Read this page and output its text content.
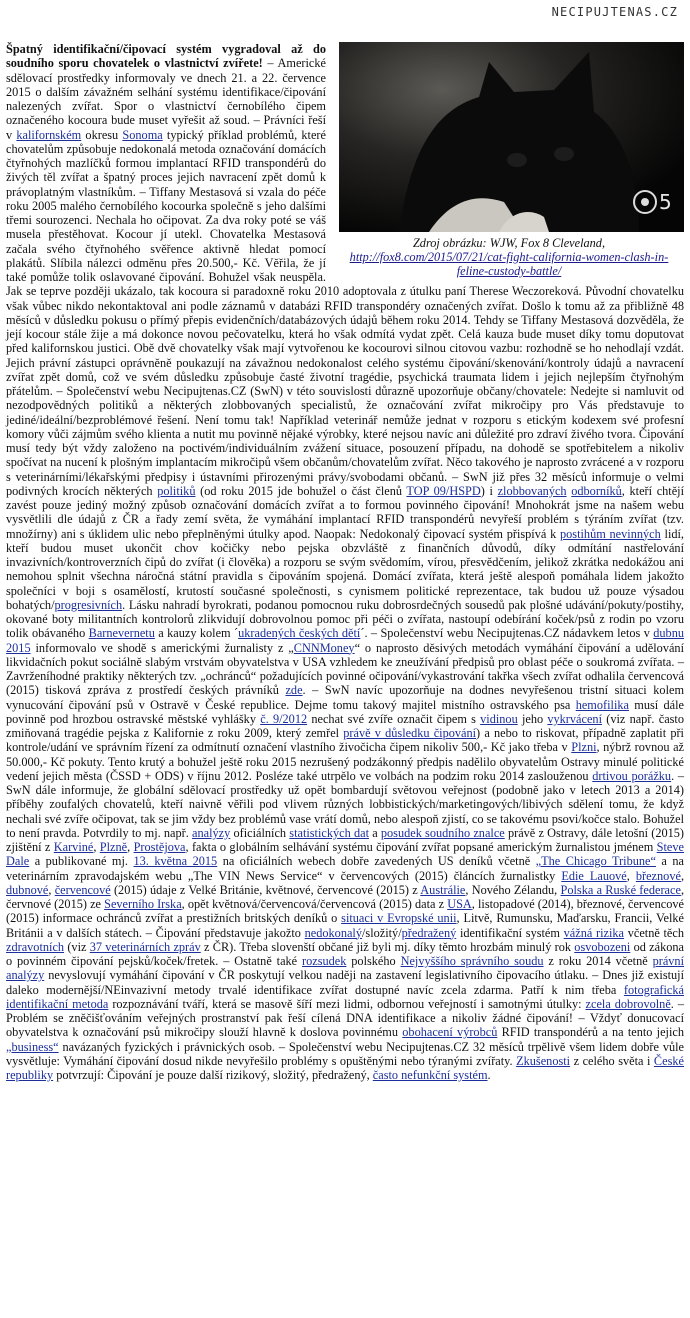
NECIPUJTENAS.CZ
5
Zdroj obrázku: WJW, Fox 8 Cleveland,
http://fox8.com/2015/07/21/cat-fight-california-women-clash-in-feline-custody-battle/

Špatný identifikační/čipovací systém vygradoval až do soudního sporu chovatelek o vlastnictví zvířete! – Americké sdělovací prostředky informovaly ve dnech 21. a 22. července 2015 o dalším závažném selhání systému identifikace/čipování nalezených zvířat. Spor o vlastnictví černobílého čipem označeného kocoura bude muset vyřešit až soud. – Právníci řeší v kalifornském okresu Sonoma typický příklad problémů, které chovatelům způsobuje nedokonalá metoda označování domácích čtyřnohých mazlíčků formou implantací RFID transpondérů do živých těl zvířat a špatný proces jejich navracení zpět domů k právoplatným vlastníkům. – Tiffany Mestasová si vzala do péče roku 2005 malého černobílého kocourka společně s jeho dalšími třemi sourozenci. Nechala ho očipovat. Za dva roky poté se váš musela přestěhovat. Kocour jí utekl. Chovatelka Mestasová začala svého čtyřnohého svěřence aktivně hledat pomocí plakátů. Slíbila nálezci odměnu přes 20.500,- Kč. Věřila, že jí také pomůže tolik oslavované čipování. Bohužel však neuspěla. Jak se teprve později ukázalo, tak kocoura si paradoxně roku 2010 adoptovala z útulku paní Therese Weczoreková. Původní chovatelku však vůbec nikdo nekontaktoval ani podle záznamů v databázi RFID transpondéry označených zvířat. Došlo k tomu až za přibližně 48 měsíců v důsledku pokusu o přímý přepis evidenčních/databázových údajů během roku 2014. Tehdy se Tiffany Mestasová dozvěděla, že její kocour stále žije a má dokonce novou pečovatelku, která ho však odmítá vydat zpět. Celá kauza bude muset díky tomu doputovat před kalifornskou justici. Obě dvě chovatelky však mají vytvořenou ke kocourovi silnou citovou vazbu: rozhodně se ho nehodlají vzdát. Jejich právní zástupci oprávněně poukazují na závažnou nedokonalost celého systému čipování/skenování/kontroly údajů a navracení zvířat zpět domů, což ve svém důsledku způsobuje časté životní tragédie, psychická traumata lidem i jejich nejlepším čtyřnohým přátelům. – Společenství webu Necipujtenas.CZ (SwN) v této souvislosti důrazně upozorňuje občany/chovatele: Nedejte si namluvit od nezodpovědných politiků a některých zlobbovaných specialistů, že označování zvířat mikročipy pro Vás představuje to jediné/ideální/bezproblémové řešení. Není tomu tak! Například veterinář nemůže jednat v rozporu s etickým kodexem své profesní komory vůči zájmům svého klienta a nutit mu povinně nějaké výrobky, které nejsou navíc ani důležité pro zdraví živého tvora. Čipování musí tedy být vždy založeno na poctivém/individuálním zvážení situace, posouzení případu, na dohodě se spotřebitelem a nikoliv spočívat na nucení k plošným implantacím mikročipů všem občanům/chovatelům zvířat. Něco takového je naprosto zvrácené a v rozporu s veterinárními/lékařskými předpisy i ústavními přirozenými právy/svobodami občanů. – SwN již přes 32 měsíců informuje o velmi podivných krocích některých politiků (od roku 2015 jde bohužel o část členů TOP 09/HSPD) i zlobbovaných odborníků, kteří chtějí zavést pouze jediný možný způsob označování domácích zvířat a to formou povinného čipování! Mnohokrát jsme na našem webu vysvětlili dle údajů z ČR a řady zemí světa, že vymáhání implantací RFID transpondérů nevyřeší problém s týráním zvířat (tzv. množírny) ani s úklidem ulic nebo přeplněnými útulky apod. Naopak: Nedokonalý čipovací systém přispívá k postihům nevinných lidí, kteří budou muset ukončit chov kočičky nebo pejska obzvláště z finančních důvodů, díky odmítání nastřelování invazivních/kontroverzních čipů do zvířat (i člověka) a rozporu se svým svědomím, vírou, přesvědčením, jelikož zkrátka nedokážou ani nemohou splnit všechna náročná státní pravidla s čipováním spojená. Domácí zvířata, která ještě alespoň pomáhala lidem jakožto společníci v boji s osamělostí, krutostí současné společnosti, s cynismem politické reprezentace, tak budou už pouze výsadou bohatých/progresivních. Lásku nahradí byrokrati, podanou pomocnou ruku dobrosrdečných sousedů pak plošné udávání/pokuty/postihy, okované boty militantních kontrolorů zlikvidují dobrovolnou pomoc při péči o zvířata, nastoupí odebírání koček/psů z rodin po vzoru tolik obávaného Barnevernetu a kauzy kolem ´ukradených českých dětí´. – Společenství webu Necipujtenas.CZ nádavkem letos v dubnu 2015 informovalo ve shodě s americkými žurnalisty z „CNNMoney“ o naprosto děsivých metodách vymáhání čipování a udělování likvidačních pokut sociálně slabým vrstvám obyvatelstva v USA vzhledem ke zneužívání předpisů pro oblast péče o soukromá zvířata. – Zavrženíhodné praktiky některých tzv. „ochránců“ požadujících povinné očipování/vykastrování takřka všech zvířat odhalila červencová (2015) tisková zpráva z prostředí českých právníků zde. – SwN navíc upozorňuje na dodnes nevyřešenou tristní situaci kolem vynucování čipování psů v Ostravě v České republice. Dejme tomu takový majitel mistního ostravského psa hemofilika musí dále povinně pod hrozbou ostravské městské vyhlášky č. 9/2012 nechat své zvíře označit čipem s vidinou jeho vykrvácení (viz např. často zmiňovaná tragédie pejska z Kalifornie z roku 2009, který zemřel právě v důsledku čipování) a nebo to riskovat, případně zaplatit při kontrole/udání ve správním řízení za odmítnutí označení vlastního živočicha čipem nikoliv 500,- Kč jako třeba v Plzni, nýbrž rovnou až 50.000,- Kč pokuty. Tento krutý a bohužel ještě roku 2015 nezrušený podzákonný předpis nadělilo obyvatelům Ostravy minulé politické vedení jejich města (ČSSD + ODS) v říjnu 2012. Posléze také utrpělo ve volbách na podzim roku 2014 zaslouženou drtivou porážku. – SwN dále informuje, že globální sdělovací prostředky už opět bombardují světovou veřejnost (podobně jako v letech 2013 a 2014) příběhy zoufalých chovatelů, kteří naivně věřili pod vlivem různých lobbistických/marketingových/libivých sdělení tomu, že když nechali své zvíře očipovat, tak se jim vždy bez problémů vase vrátí domů, nebo alespoň zjistí, co se takovému psovi/kočce stalo. Bohužel to není pravda. Potvrdily to mj. např. analýzy oficiálních statistických dat a posudek soudního znalce právě z Ostravy, dále letošní (2015) zjištění z Karviné, Plzně, Prostějova, fakta o globálním selhávání systému čipování zvířat popsané americkým žurnalistou jménem Steve Dale a publikované mj. 13. května 2015 na oficiálních webech dobře zavedených US deníků včetně „The Chicago Tribune“ a na veterinárním zpravodajském webu „The VIN News Service“ v červencových (2015) článcích žurnalistky Edie Lauové, březnové, dubnové, červencové (2015) údaje z Velké Británie, květnové, červencové (2015) z Austrálie, Nového Zélandu, Polska a Ruské federace, červnové (2015) ze Severního Irska, opět květnová/červencová/červencová (2015) data z USA, listopadové (2014), březnové, červencové (2015) informace ochránců zvířat a prestižních britských deníků o situaci v Evropské unii, Litvě, Rumunsku, Maďarsku, Francii, Velké Británii a v dalších státech. – Čipování představuje jakožto nedokonalý/složitý/předražený identifikační systém vážná rizika včetně těch zdravotních (viz 37 veterinárních zpráv z ČR). Třeba slovenští občané již byli mj. díky těmto hrozbám minulý rok osvobozeni od zákona o povinném čipování pejsků/koček/fretek. – Ostatně také rozsudek polského Nejvyššího správního soudu z roku 2014 včetně právní analýzy nevyslovují vymáhání čipování v ČR poskytují velkou naději na zastavení legislativního čipovacího útlaku. – Dnes již existují daleko modernější/NEinvazivní metody trvalé identifikace zvířat dostupné navíc zcela zdarma. Patří k nim třeba fotografická identifikační metoda rozpoznávání tváří, která se masově šíří mezi lidmi, odbornou veřejností i samotnými útulky: zcela dobrovolně. – Problém se zněčišťováním veřejných prostranství pak řeší cílená DNA identifikace a nikoliv žádné čipování! – Vždyť donucovací obyvatelstva k označování psů mikročipy slouží hlavně k doslova povinnému obohacení výrobců RFID transpondérů a na tento jejich „business“ navázaných fyzických i právnických osob. – Společenství webu Necipujtenas.CZ 32 měsíců trpělivě všem lidem dobře vůle vysvětluje: Vymáhání čipování dosud nikde nevyřešilo problémy s opuštěnými nebo týranými zvířaty. Zkušenosti z celého světa i České republiky potvrzují: Čipování je pouze další rizikový, složitý, předražený, často nefunkční systém.
